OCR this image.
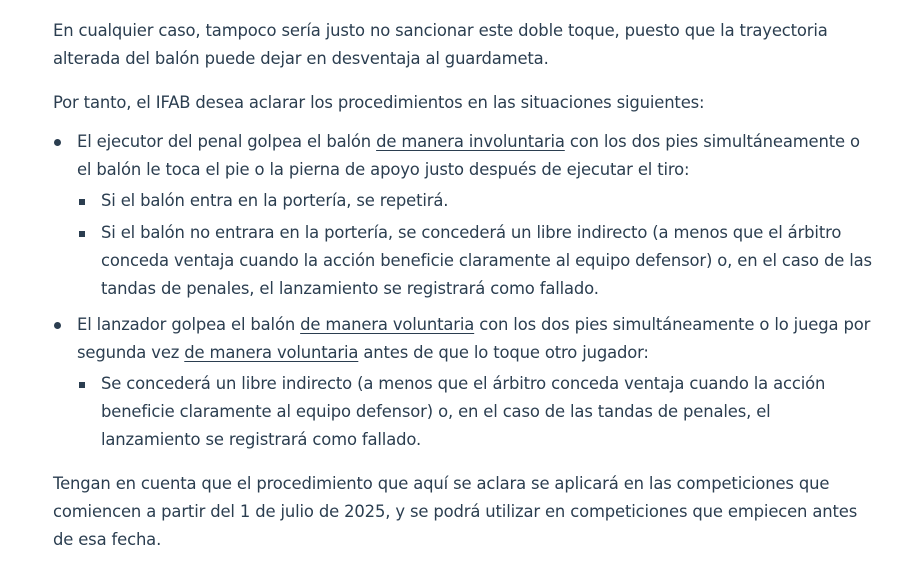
En cualquier caso, tampoco sería justo no sancionar este doble toque, puesto que la trayectoria alterada del balón puede dejar en desventaja al guardameta.

Por tanto, el IFAB desea aclarar los procedimientos en las situaciones siguientes:

El ejecutor del penal golpea el balón de manera involuntaria con los dos pies simultáneamente o el balón le toca el pie o la pierna de apoyo justo después de ejecutar el tiro:
Si el balón entra en la portería, se repetirá.
Si el balón no entrara en la portería, se concederá un libre indirecto (a menos que el árbitro conceda ventaja cuando la acción beneficie claramente al equipo defensor) o, en el caso de las tandas de penales, el lanzamiento se registrará como fallado.
El lanzador golpea el balón de manera voluntaria con los dos pies simultáneamente o lo juega por segunda vez de manera voluntaria antes de que lo toque otro jugador:
Se concederá un libre indirecto (a menos que el árbitro conceda ventaja cuando la acción beneficie claramente al equipo defensor) o, en el caso de las tandas de penales, el lanzamiento se registrará como fallado.

Tengan en cuenta que el procedimiento que aquí se aclara se aplicará en las competiciones que comiencen a partir del 1 de julio de 2025, y se podrá utilizar en competiciones que empiecen antes de esa fecha.
